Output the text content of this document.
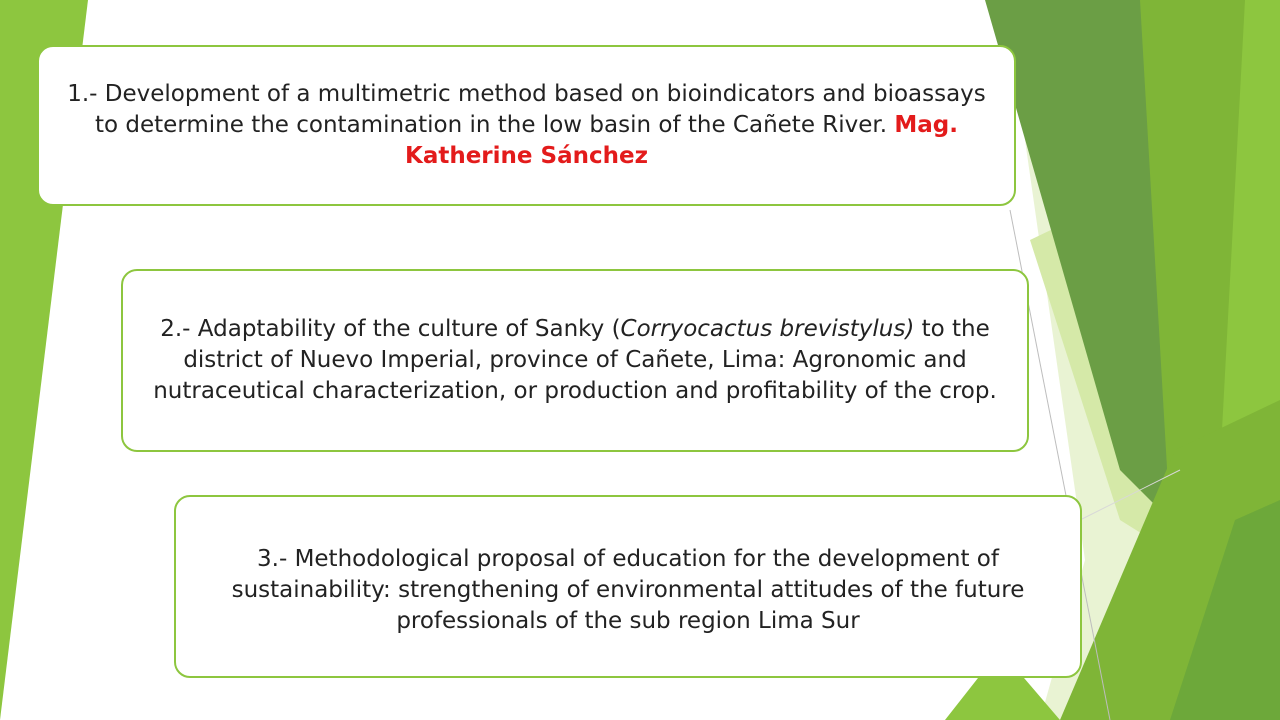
1.- Development of a multimetric method based on bioindicators and bioassays to determine the contamination in the low basin of the Cañete River. Mag. Katherine Sánchez
2.- Adaptability of the culture of Sanky (Corryocactus brevistylus) to the district of Nuevo Imperial, province of Cañete, Lima: Agronomic and nutraceutical characterization, or production and profitability of the crop.
3.- Methodological proposal of education for the development of sustainability: strengthening of environmental attitudes of the future professionals of the sub region Lima Sur
